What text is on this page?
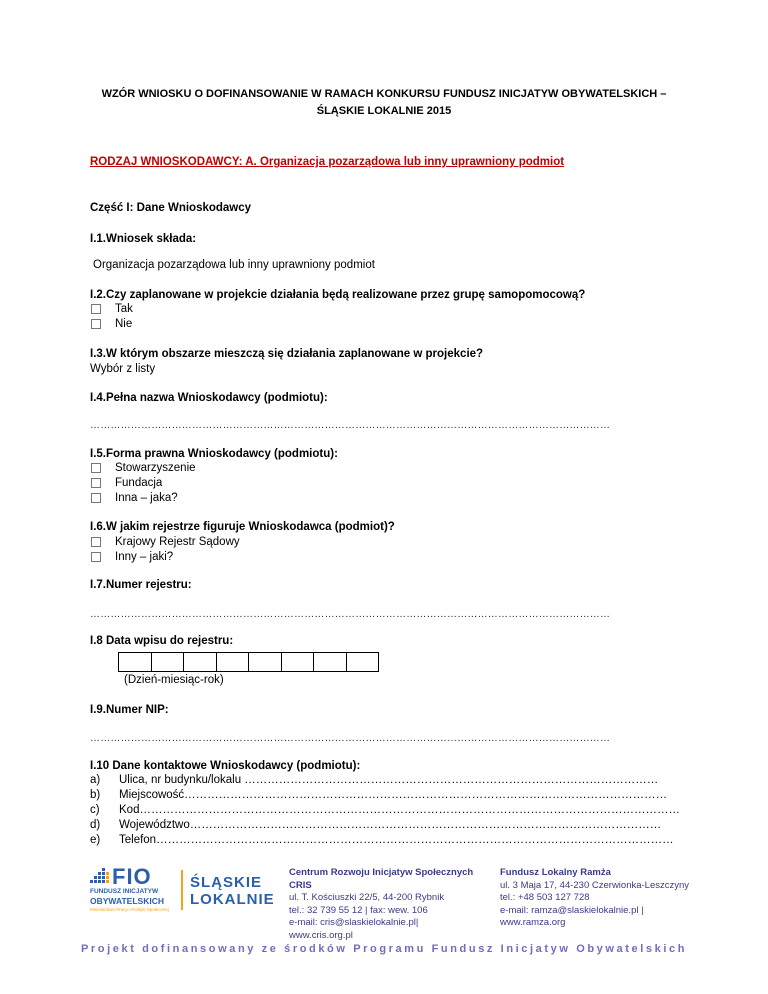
WZÓR WNIOSKU O DOFINANSOWANIE W RAMACH KONKURSU FUNDUSZ INICJATYW OBYWATELSKICH –
ŚLĄSKIE LOKALNIE 2015
RODZAJ WNIOSKODAWCY: A. Organizacja pozarządowa lub inny uprawniony podmiot
Część I: Dane Wnioskodawcy
I.1.Wniosek składa:
Organizacja pozarządowa lub inny uprawniony podmiot
I.2.Czy zaplanowane w projekcie działania będą realizowane przez grupę samopomocową?
Tak
Nie
I.3.W którym obszarze mieszczą się działania zaplanowane w projekcie?
Wybór z listy
I.4.Pełna nazwa Wnioskodawcy (podmiotu):
………………………………………………………………………………………………………………………………………
I.5.Forma prawna Wnioskodawcy (podmiotu):
Stowarzyszenie
Fundacja
Inna – jaka?
I.6.W jakim rejestrze figuruje Wnioskodawca (podmiot)?
Krajowy Rejestr Sądowy
Inny – jaki?
I.7.Numer rejestru:
………………………………………………………………………………………………………………………………………
I.8 Data wpisu do rejestru:
(Dzień-miesiąc-rok)
I.9.Numer NIP:
………………………………………………………………………………………………………………………………………
I.10 Dane kontaktowe Wnioskodawcy (podmiotu):
a)	Ulica, nr budynku/lokalu ………………………………………………………………………………………………
b)	Miejscowość………………………………………………………………………………………………………………
c)	Kod……………………………………………………………………………………………………………………………
d)	Województwo……………………………………………………………………………………………………………
e)	Telefon………………………………………………………………………………………………………………………
FIO
FUNDUSZ INICJATYW
OBYWATELSKICH
Ministerstwo Pracy i Polityki Społecznej
ŚLĄSKIE
LOKALNIE
Centrum Rozwoju Inicjatyw Społecznych CRIS
ul. T. Kościuszki 22/5, 44-200 Rybnik
tel.: 32 739 55 12 | fax: wew. 106
e-mail: cris@slaskielokalnie.pl|
www.cris.org.pl
Fundusz Lokalny Ramża
ul. 3 Maja 17, 44-230 Czerwionka-Leszczyny
tel.: +48 503 127 728
e-mail: ramza@slaskielokalnie.pl |
www.ramza.org
Projekt dofinansowany ze środków Programu Fundusz Inicjatyw Obywatelskich
